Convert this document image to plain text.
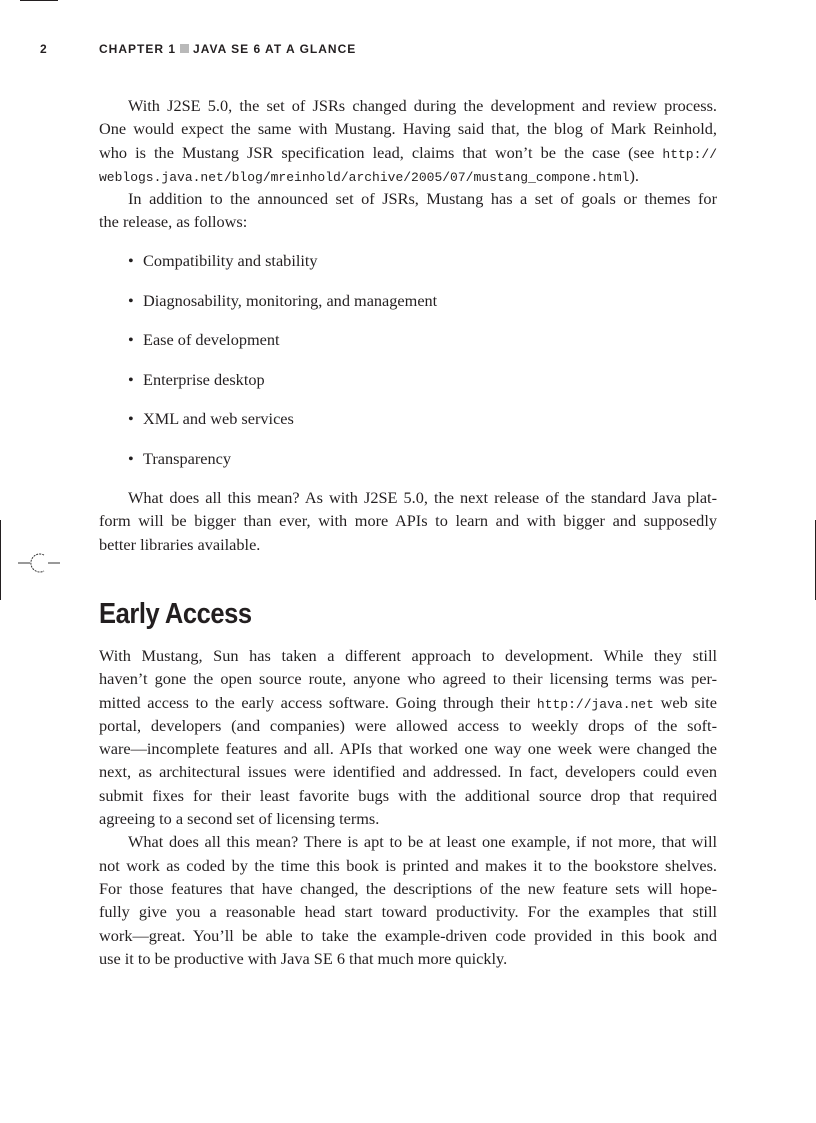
2	CHAPTER 1 JAVA SE 6 AT A GLANCE
With J2SE 5.0, the set of JSRs changed during the development and review process.
One would expect the same with Mustang. Having said that, the blog of Mark Reinhold,
who is the Mustang JSR specification lead, claims that won’t be the case (see http://
weblogs.java.net/blog/mreinhold/archive/2005/07/mustang_compone.html).
In addition to the announced set of JSRs, Mustang has a set of goals or themes for
the release, as follows:
• Compatibility and stability
• Diagnosability, monitoring, and management
• Ease of development
• Enterprise desktop
• XML and web services
• Transparency
What does all this mean? As with J2SE 5.0, the next release of the standard Java plat-
form will be bigger than ever, with more APIs to learn and with bigger and supposedly
better libraries available.
Early Access
With Mustang, Sun has taken a different approach to development. While they still
haven’t gone the open source route, anyone who agreed to their licensing terms was per-
mitted access to the early access software. Going through their http://java.net web site
portal, developers (and companies) were allowed access to weekly drops of the soft-
ware—incomplete features and all. APIs that worked one way one week were changed the
next, as architectural issues were identified and addressed. In fact, developers could even
submit fixes for their least favorite bugs with the additional source drop that required
agreeing to a second set of licensing terms.
What does all this mean? There is apt to be at least one example, if not more, that will
not work as coded by the time this book is printed and makes it to the bookstore shelves.
For those features that have changed, the descriptions of the new feature sets will hope-
fully give you a reasonable head start toward productivity. For the examples that still
work—great. You’ll be able to take the example-driven code provided in this book and
use it to be productive with Java SE 6 that much more quickly.
